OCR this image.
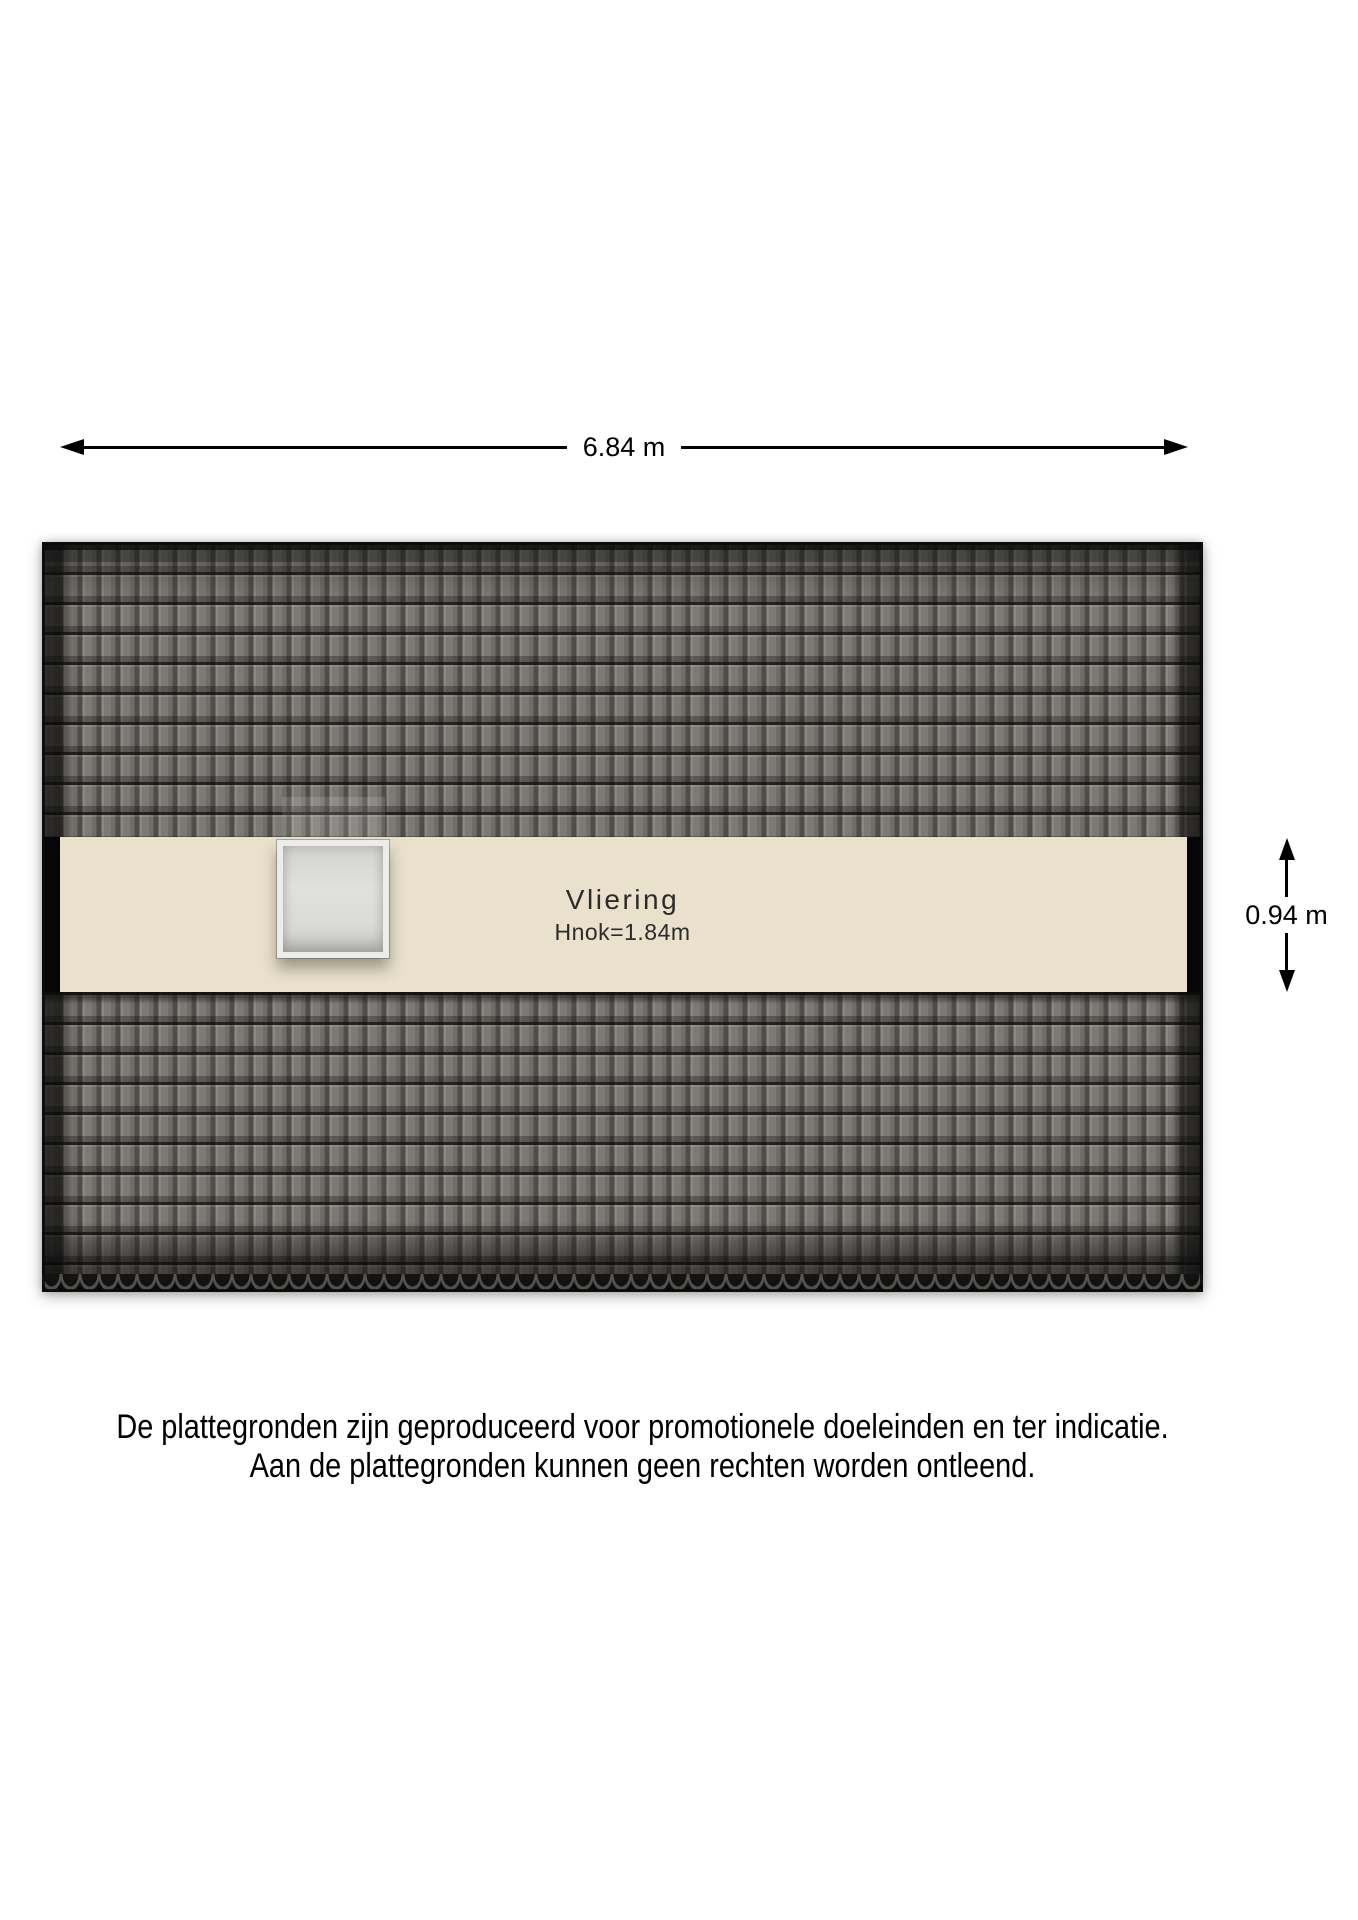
6.84 m
Vliering
Hnok=1.84m
0.94 m
De plattegronden zijn geproduceerd voor promotionele doeleinden en ter indicatie.
Aan de plattegronden kunnen geen rechten worden ontleend.
